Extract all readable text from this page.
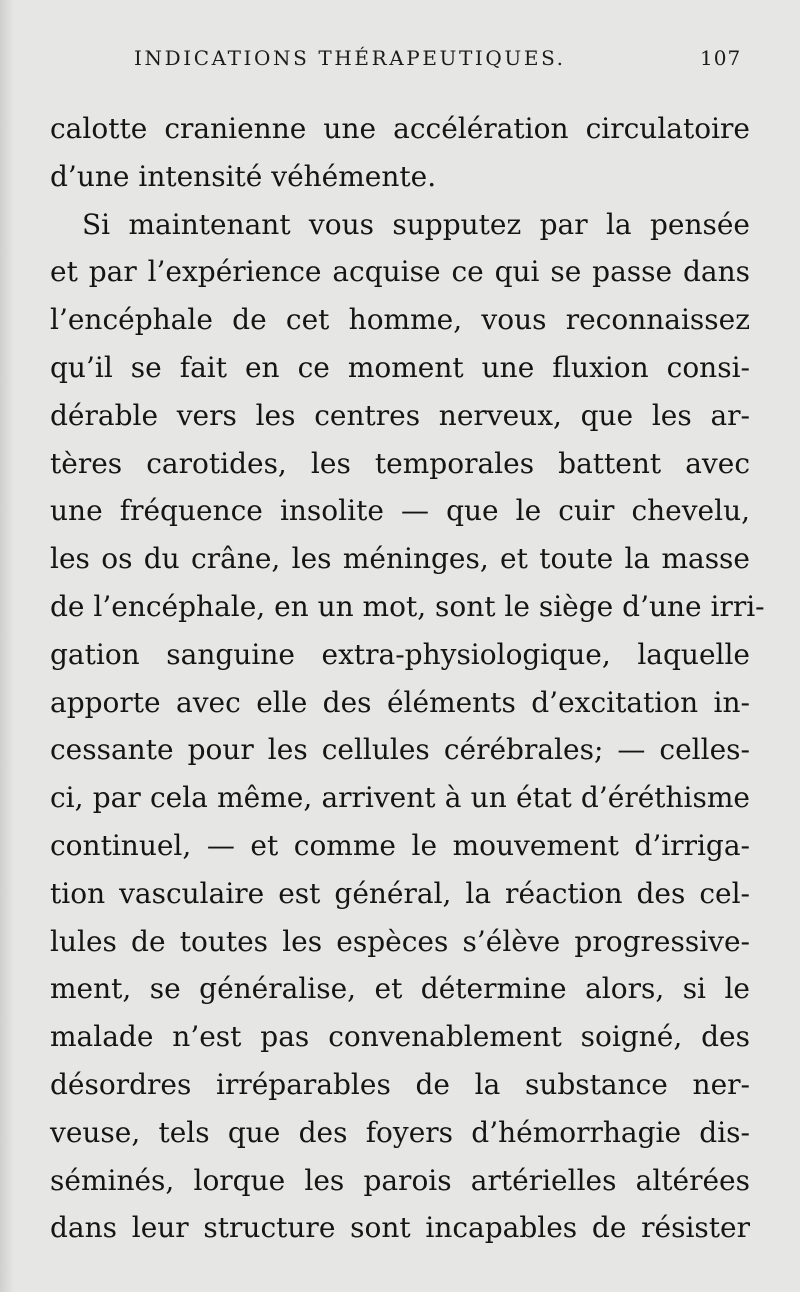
INDICATIONS THÉRAPEUTIQUES.	107
calotte cranienne une accélération circulatoire
d’une intensité véhémente.
Si maintenant vous supputez par la pensée
et par l’expérience acquise ce qui se passe dans
l’encéphale de cet homme, vous reconnaissez
qu’il se fait en ce moment une fluxion consi-
dérable vers les centres nerveux, que les ar-
tères carotides, les temporales battent avec
une fréquence insolite — que le cuir chevelu,
les os du crâne, les méninges, et toute la masse
de l’encéphale, en un mot, sont le siège d’une irri-
gation sanguine extra-physiologique, laquelle
apporte avec elle des éléments d’excitation in-
cessante pour les cellules cérébrales; — celles-
ci, par cela même, arrivent à un état d’éréthisme
continuel, — et comme le mouvement d’irriga-
tion vasculaire est général, la réaction des cel-
lules de toutes les espèces s’élève progressive-
ment, se généralise, et détermine alors, si le
malade n’est pas convenablement soigné, des
désordres irréparables de la substance ner-
veuse, tels que des foyers d’hémorrhagie dis-
séminés, lorque les parois artérielles altérées
dans leur structure sont incapables de résister
